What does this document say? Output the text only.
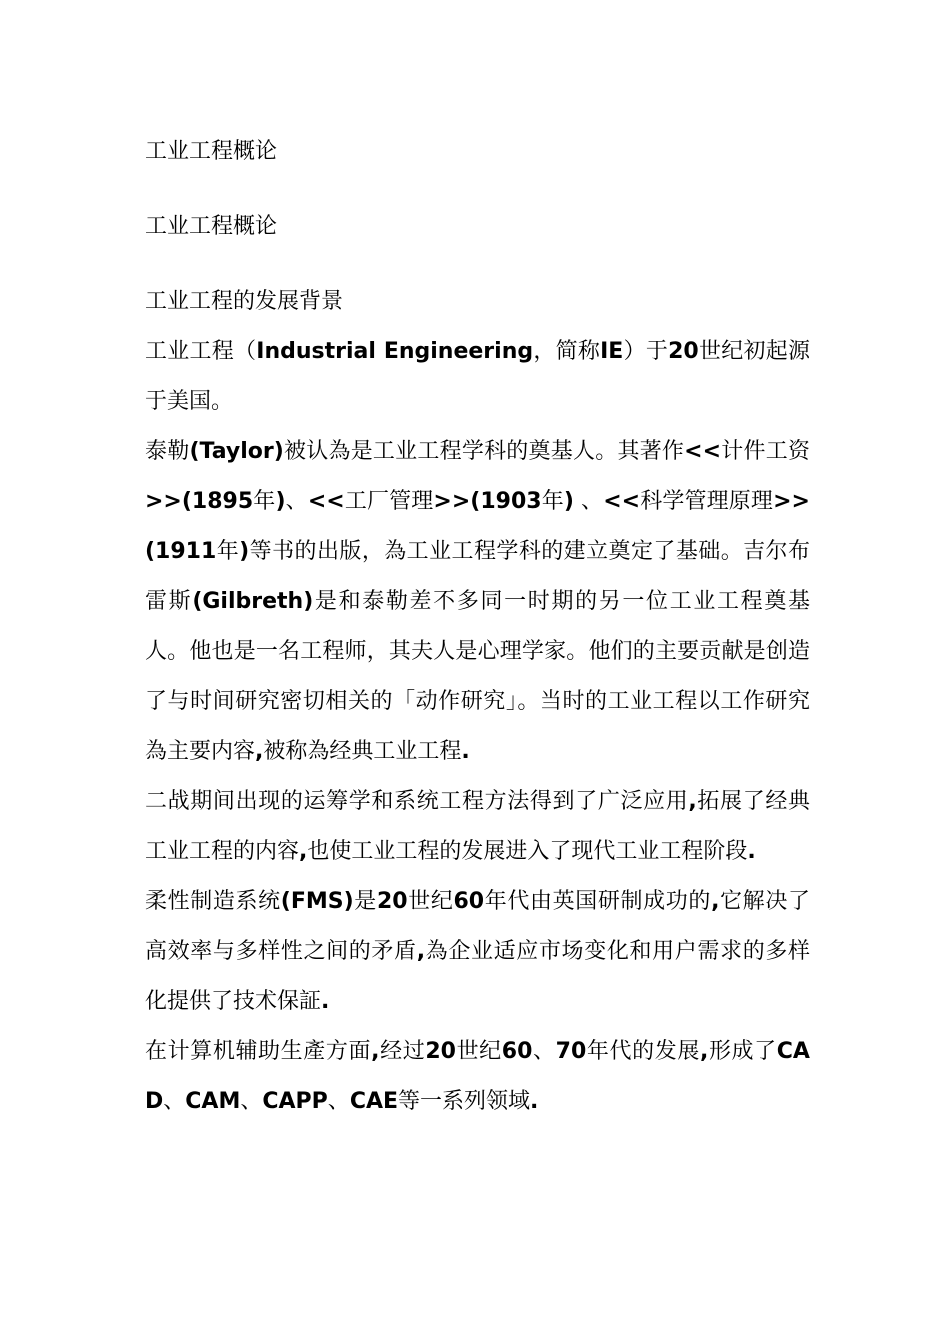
工业工程概论
工业工程概论
工业工程的发展背景

工业工程（Industrial Engineering，简称IE）于20世纪初起源于美国。

泰勒(Taylor)被认為是工业工程学科的奠基人。其著作<<计件工资>>(1895年)、<<工厂管理>>(1903年) 、<<科学管理原理>>(1911年)等书的出版，為工业工程学科的建立奠定了基础。吉尔布雷斯(Gilbreth)是和泰勒差不多同一时期的另一位工业工程奠基人。他也是一名工程师，其夫人是心理学家。他们的主要贡献是创造了与时间研究密切相关的「动作研究」。当时的工业工程以工作研究為主要内容,被称為经典工业工程.

二战期间出现的运筹学和系统工程方法得到了广泛应用,拓展了经典工业工程的内容,也使工业工程的发展进入了现代工业工程阶段.

柔性制造系统(FMS)是20世纪60年代由英国研制成功的,它解决了高效率与多样性之间的矛盾,為企业适应市场变化和用户需求的多样化提供了技术保証.

在计算机辅助生產方面,经过20世纪60、70年代的发展,形成了CAD、CAM、CAPP、CAE等一系列领域.
